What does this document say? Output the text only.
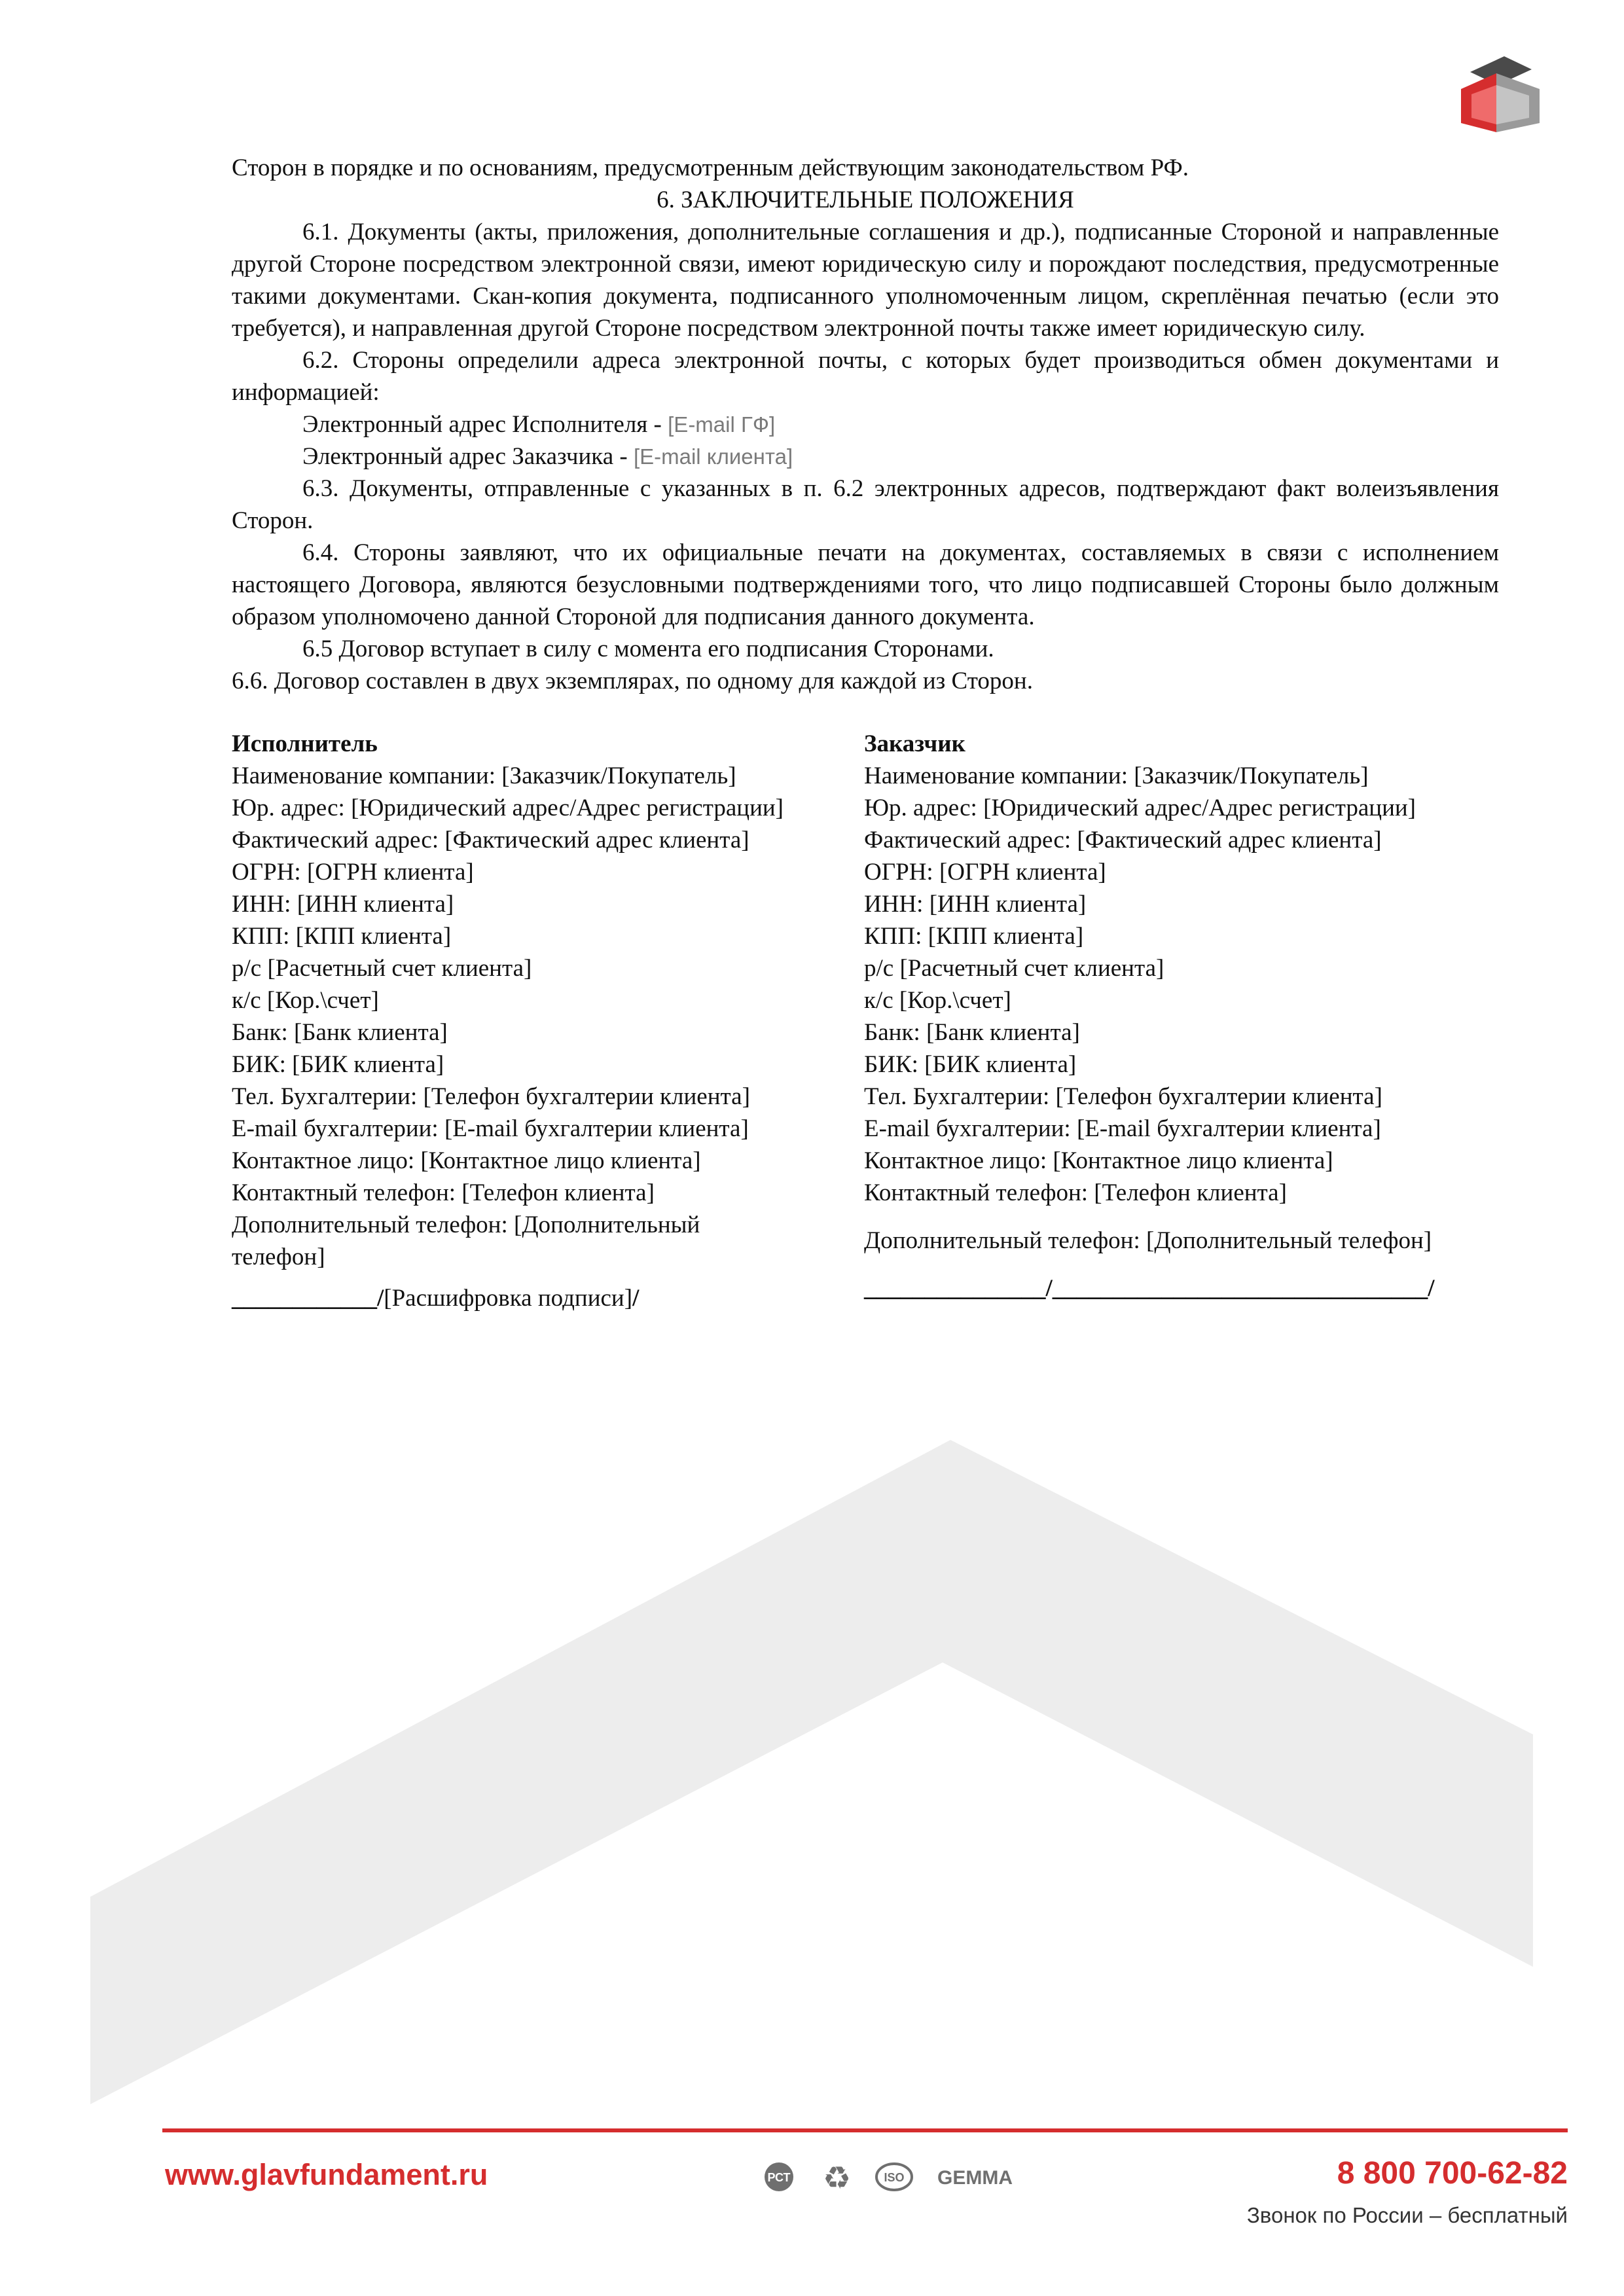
Сторон в порядке и по основаниям, предусмотренным действующим законодательством РФ.

6. ЗАКЛЮЧИТЕЛЬНЫЕ ПОЛОЖЕНИЯ

6.1. Документы (акты, приложения, дополнительные соглашения и др.), подписанные Стороной и направленные другой Стороне посредством электронной связи, имеют юридическую силу и порождают последствия, предусмотренные такими документами. Скан-копия документа, подписанного уполномоченным лицом, скреплённая печатью (если это требуется), и направленная другой Стороне посредством электронной почты также имеет юридическую силу.

6.2. Стороны определили адреса электронной почты, с которых будет производиться обмен документами и информацией:

Электронный адрес Исполнителя - [E-mail ГФ]

Электронный адрес Заказчика - [E-mail клиента]

6.3. Документы, отправленные с указанных в п. 6.2 электронных адресов, подтверждают факт волеизъявления Сторон.

6.4. Стороны заявляют, что их официальные печати на документах, составляемых в связи с исполнением настоящего Договора, являются безусловными подтверждениями того, что лицо подписавшей Стороны было должным образом уполномочено данной Стороной для подписания данного документа.

6.5 Договор вступает в силу с момента его подписания Сторонами.

6.6. Договор составлен в двух экземплярах, по одному для каждой из Сторон.

Исполнитель

Наименование компании: [Заказчик/Покупатель]

Юр. адрес: [Юридический адрес/Адрес регистрации]

Фактический адрес: [Фактический адрес клиента]

ОГРН: [ОГРН клиента]

ИНН: [ИНН клиента]

КПП: [КПП клиента]

р/с [Расчетный счет клиента]

к/с [Кор.\счет]

Банк: [Банк клиента]

БИК: [БИК клиента]

Тел. Бухгалтерии: [Телефон бухгалтерии клиента]

E-mail бухгалтерии: [E-mail бухгалтерии клиента]

Контактное лицо: [Контактное лицо клиента]

Контактный телефон: [Телефон клиента]

Дополнительный телефон: [Дополнительный телефон]

____________/[Расшифровка подписи]/

Заказчик

Наименование компании: [Заказчик/Покупатель]

Юр. адрес: [Юридический адрес/Адрес регистрации]

Фактический адрес: [Фактический адрес клиента]

ОГРН: [ОГРН клиента]

ИНН: [ИНН клиента]

КПП: [КПП клиента]

р/с [Расчетный счет клиента]

к/с [Кор.\счет]

Банк: [Банк клиента]

БИК: [БИК клиента]

Тел. Бухгалтерии: [Телефон бухгалтерии клиента]

E-mail бухгалтерии: [E-mail бухгалтерии клиента]

Контактное лицо: [Контактное лицо клиента]

Контактный телефон: [Телефон клиента]

Дополнительный телефон: [Дополнительный телефон]

_______________/_______________________________/

www.glavfundament.ru	РСТ ♻	ISO GEMMA	8 800 700-62-82
Звонок по России – бесплатный
